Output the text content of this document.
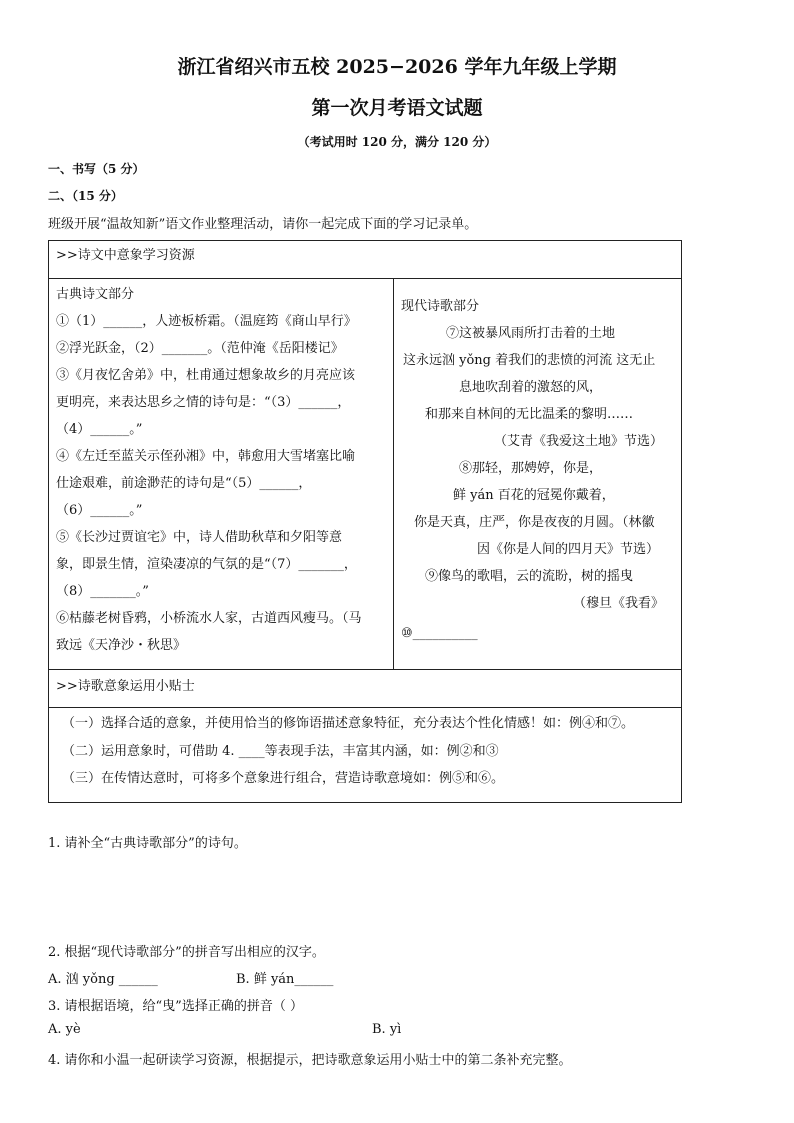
浙江省绍兴市五校 2025−2026 学年九年级上学期
第一次月考语文试题
（考试用时 120 分，满分 120 分）
一、书写（5 分）
二、（15 分）
班级开展“温故知新”语文作业整理活动，请你一起完成下面的学习记录单。
>>诗文中意象学习资源
古典诗文部分
①（1）______，人迹板桥霜。（温庭筠《商山早行》
②浮光跃金，（2）_______。（范仲淹《岳阳楼记》
③《月夜忆舍弟》中，杜甫通过想象故乡的月亮应该
更明亮，来表达思乡之情的诗句是：“（3）______，
（4）______。”
④《左迁至蓝关示侄孙湘》中，韩愈用大雪堵塞比喻
仕途艰难，前途渺茫的诗句是“（5）______，
（6）______。”
⑤《长沙过贾谊宅》中，诗人借助秋草和夕阳等意
象，即景生情，渲染凄凉的气氛的是“（7）_______，
（8）_______。”
⑥枯藤老树昏鸦，小桥流水人家，古道西风瘦马。（马
致远《天净沙・秋思》
现代诗歌部分
⑦这被暴风雨所打击着的土地
这永远汹 yǒng 着我们的悲愤的河流 这无止
息地吹刮着的激怒的风，
和那来自林间的无比温柔的黎明……
（艾青《我爱这土地》节选）
⑧那轻，那娉婷，你是，
鲜 yán 百花的冠冕你戴着，
你是天真，庄严，你是夜夜的月圆。（林徽
因《你是人间的四月天》节选）
⑨像鸟的歌唱，云的流盼，树的摇曳
（穆旦《我看》
⑩__________
>>诗歌意象运用小贴士
（一）选择合适的意象，并使用恰当的修饰语描述意象特征，充分表达个性化情感！如：例④和⑦。
（二）运用意象时，可借助 4. ____等表现手法，丰富其内涵，如：例②和③
（三）在传情达意时，可将多个意象进行组合，营造诗歌意境如：例⑤和⑥。
1. 请补全“古典诗歌部分”的诗句。
2. 根据“现代诗歌部分”的拼音写出相应的汉字。
A. 汹 yǒng ______	B. 鲜 yán______
3. 请根据语境，给“曳”选择正确的拼音（ ）
A. yè	B. yì
4. 请你和小温一起研读学习资源，根据提示，把诗歌意象运用小贴士中的第二条补充完整。
